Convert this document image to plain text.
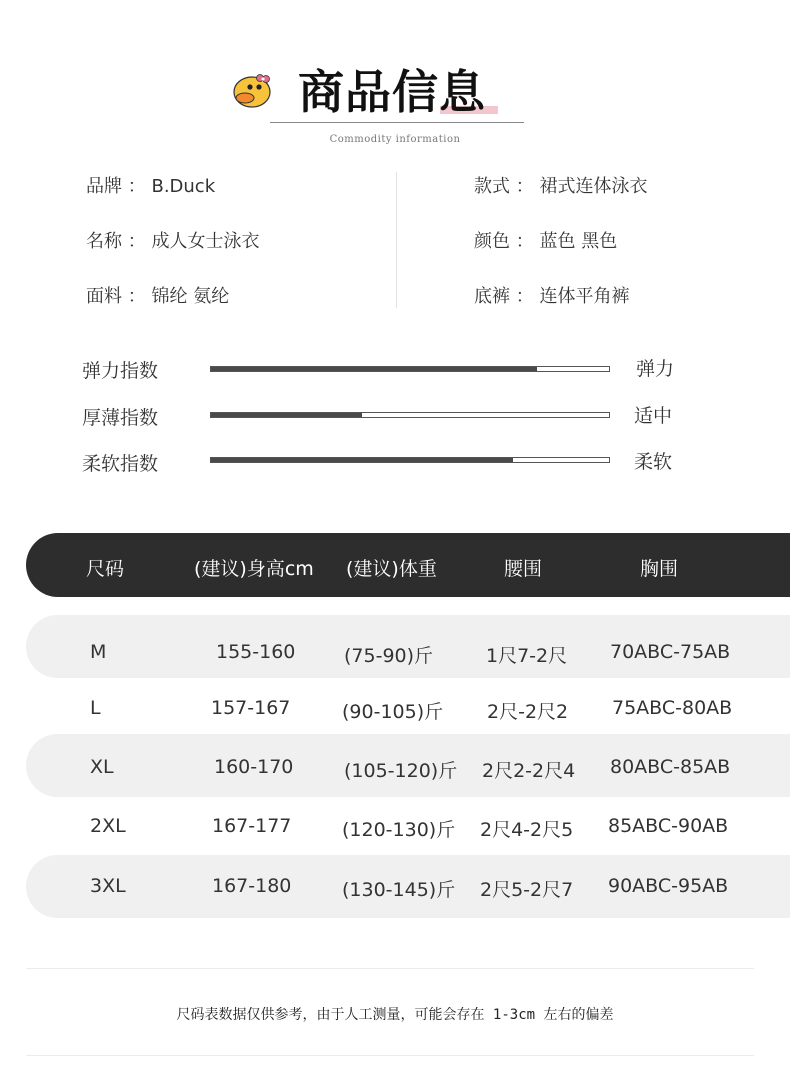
商品信息
Commodity information
品牌 ： B.Duck
名称 ： 成人女士泳衣
面料 ： 锦纶 氨纶
款式 ： 裙式连体泳衣
颜色 ： 蓝色 黑色
底裤 ： 连体平角裤
弹力指数	弹力
厚薄指数	适中
柔软指数	柔软
尺码	(建议)身高cm (建议)体重	腰围	胸围
M	155-160	(75-90)斤	1尺7-2尺 70ABC-75AB
L	157-167	(90-105)斤 2尺-2尺2 75ABC-80AB
XL	160-170	(105-120)斤 2尺2-2尺4 80ABC-85AB
2XL	167-177	(120-130)斤 2尺4-2尺5 85ABC-90AB
3XL	167-180	(130-145)斤 2尺5-2尺7 90ABC-95AB
尺码表数据仅供参考，由于人工测量，可能会存在 1-3cm 左右的偏差
